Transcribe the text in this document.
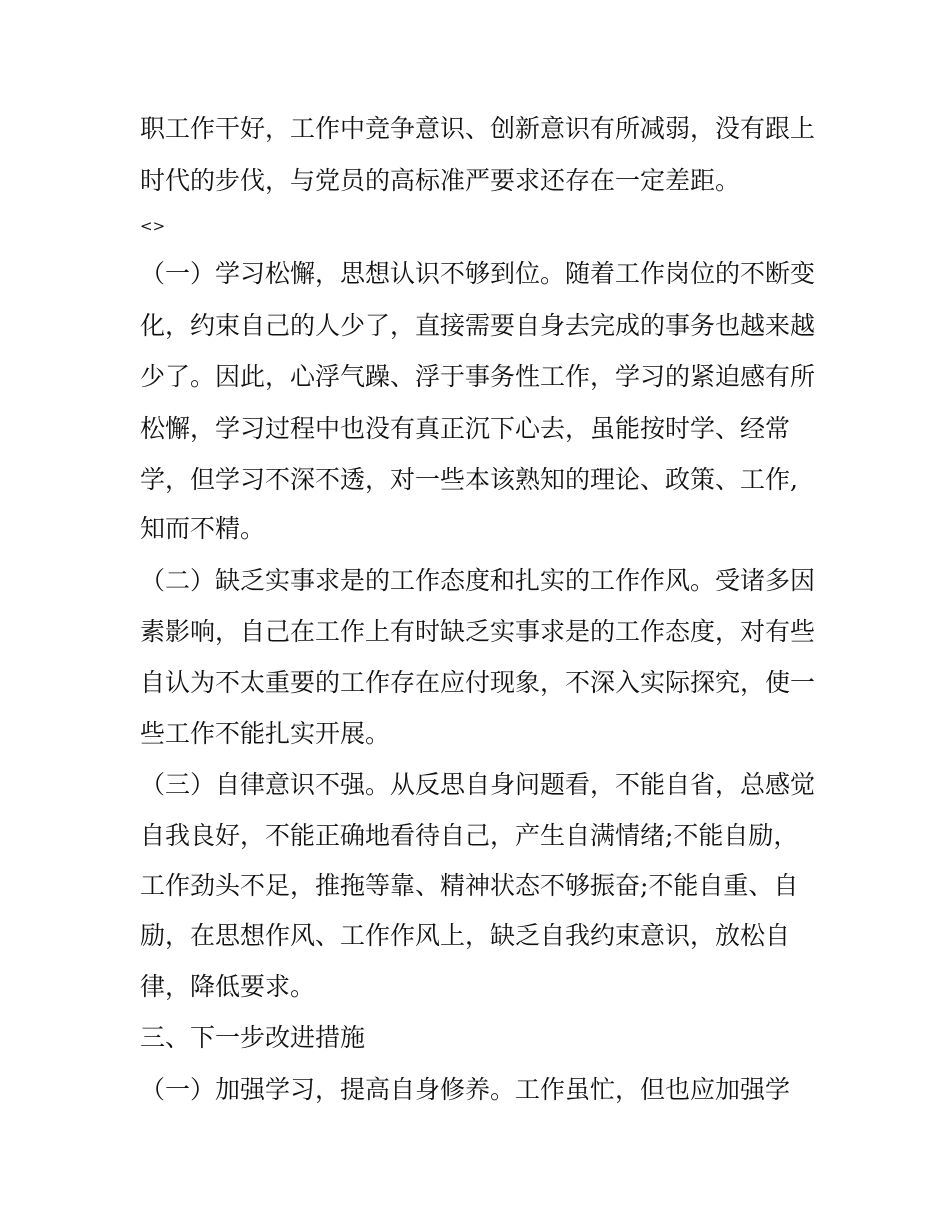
职工作干好，工作中竞争意识、创新意识有所减弱，没有跟上
时代的步伐，与党员的高标准严要求还存在一定差距。
<>
（一）学习松懈，思想认识不够到位。随着工作岗位的不断变
化，约束自己的人少了，直接需要自身去完成的事务也越来越
少了。因此，心浮气躁、浮于事务性工作，学习的紧迫感有所
松懈，学习过程中也没有真正沉下心去，虽能按时学、经常
学，但学习不深不透，对一些本该熟知的理论、政策、工作,
知而不精。
（二）缺乏实事求是的工作态度和扎实的工作作风。受诸多因
素影响，自己在工作上有时缺乏实事求是的工作态度，对有些
自认为不太重要的工作存在应付现象，不深入实际探究，使一
些工作不能扎实开展。
（三）自律意识不强。从反思自身问题看，不能自省，总感觉
自我良好，不能正确地看待自己，产生自满情绪;不能自励，
工作劲头不足，推拖等靠、精神状态不够振奋;不能自重、自
励，在思想作风、工作作风上，缺乏自我约束意识，放松自
律，降低要求。
三、下一步改进措施
（一）加强学习，提高自身修养。工作虽忙，但也应加强学
